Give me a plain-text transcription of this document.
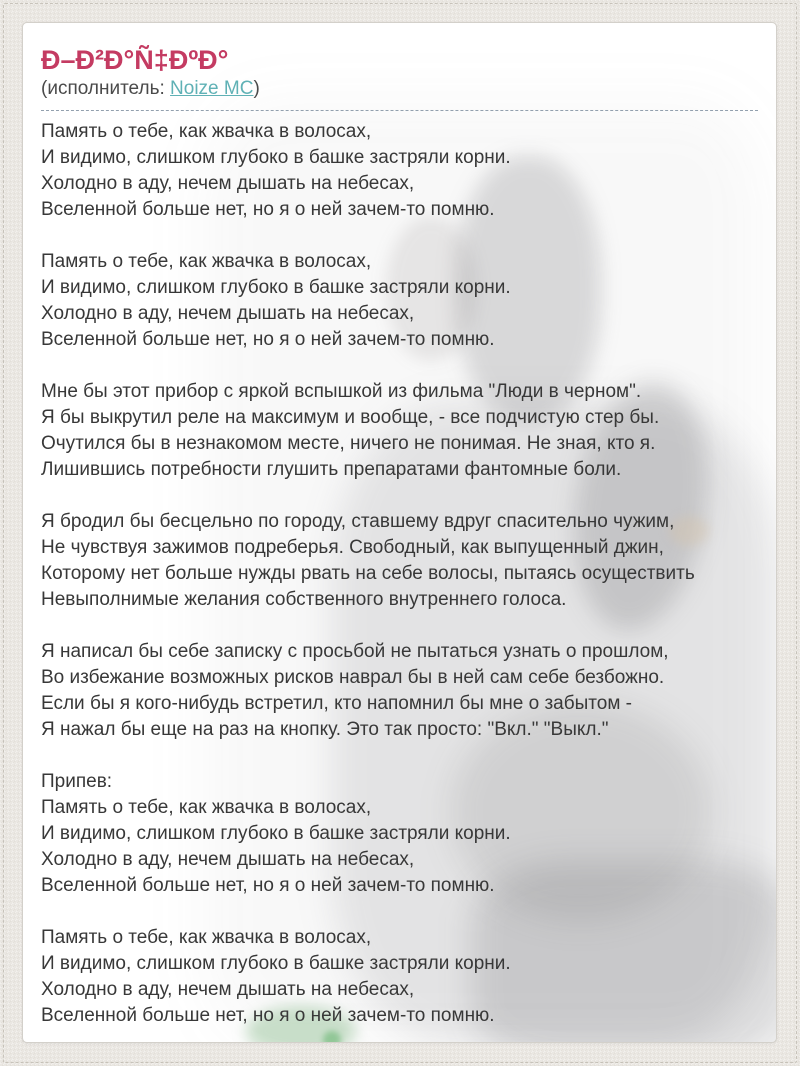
Ð–Ð²Ð°Ñ‡ÐºÐ°
(исполнитель: Noize MC)

Память о тебе, как жвачка в волосах,
И видимо, слишком глубоко в башке застряли корни.
Холодно в аду, нечем дышать на небесах,
Вселенной больше нет, но я о ней зачем-то помню.

Память о тебе, как жвачка в волосах,
И видимо, слишком глубоко в башке застряли корни.
Холодно в аду, нечем дышать на небесах,
Вселенной больше нет, но я о ней зачем-то помню.

Мне бы этот прибор с яркой вспышкой из фильма "Люди в черном".
Я бы выкрутил реле на максимум и вообще, - все подчистую стер бы.
Очутился бы в незнакомом месте, ничего не понимая. Не зная, кто я.
Лишившись потребности глушить препаратами фантомные боли.

Я бродил бы бесцельно по городу, ставшему вдруг спасительно чужим,
Не чувствуя зажимов подреберья. Свободный, как выпущенный джин,
Которому нет больше нужды рвать на себе волосы, пытаясь осуществить
Невыполнимые желания собственного внутреннего голоса.

Я написал бы себе записку с просьбой не пытаться узнать о прошлом,
Во избежание возможных рисков наврал бы в ней сам себе безбожно.
Если бы я кого-нибудь встретил, кто напомнил бы мне о забытом -
Я нажал бы еще на раз на кнопку. Это так просто: "Вкл." "Выкл."

Припев:
Память о тебе, как жвачка в волосах,
И видимо, слишком глубоко в башке застряли корни.
Холодно в аду, нечем дышать на небесах,
Вселенной больше нет, но я о ней зачем-то помню.

Память о тебе, как жвачка в волосах,
И видимо, слишком глубоко в башке застряли корни.
Холодно в аду, нечем дышать на небесах,
Вселенной больше нет, но я о ней зачем-то помню.
